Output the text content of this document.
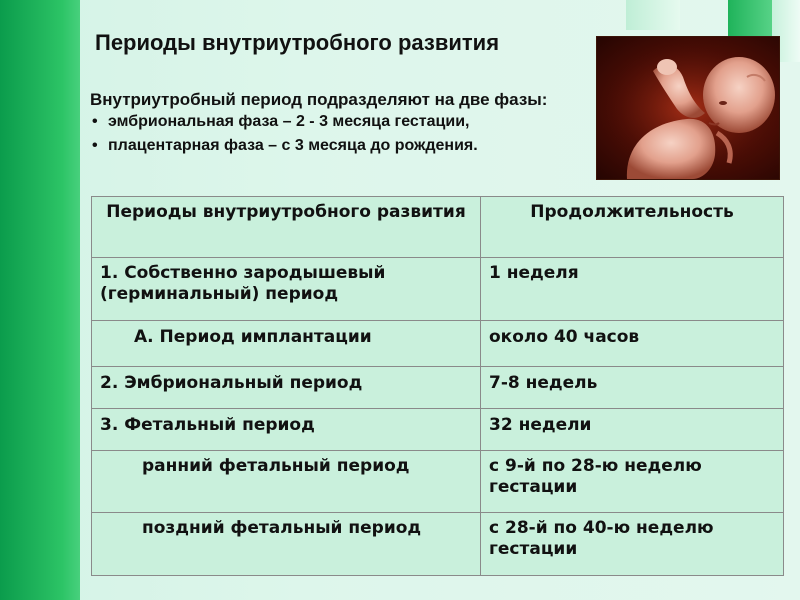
Периоды внутриутробного развития

Внутриутробный период подразделяют на две фазы:

• эмбриональная фаза – 2 - 3 месяца гестации,
• плацентарная фаза – с 3 месяца до рождения.
Периоды внутриутробного развития	Продолжительность
1. Собственно зародышевый (герминальный) период	1 неделя
А. Период имплантации	около 40 часов
2. Эмбриональный период	7-8 недель
3. Фетальный период	32 недели
ранний фетальный период	с 9-й по 28-ю неделю гестации
поздний фетальный период	с 28-й по 40-ю неделю гестации
